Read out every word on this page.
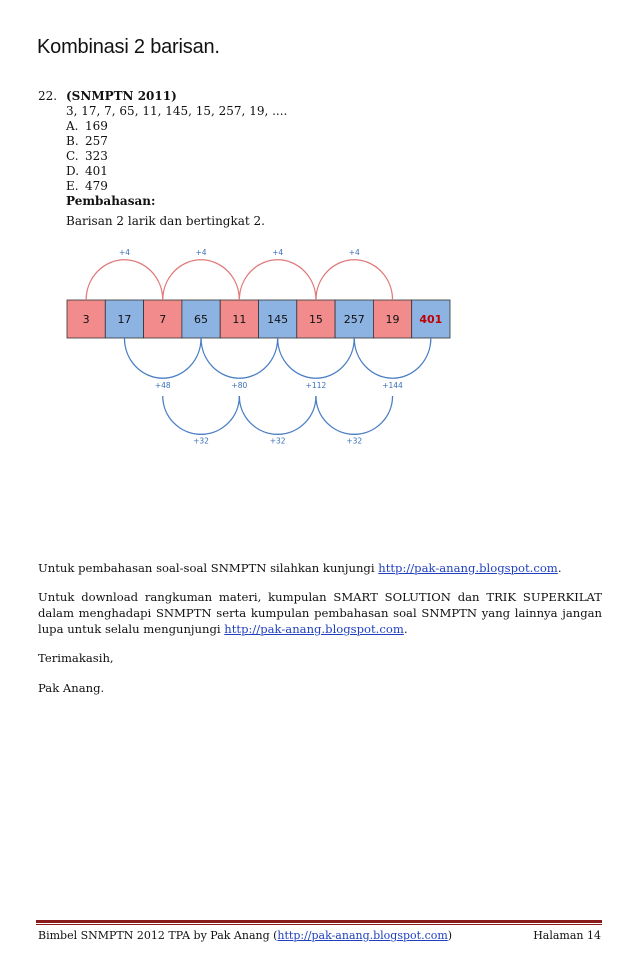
Kombinasi 2 barisan.
22. (SNMPTN 2011)
3, 17, 7, 65, 11, 145, 15, 257, 19, ....
A. 169
B. 257
C. 323
D. 401
E. 479
Pembahasan:
Barisan 2 larik dan bertingkat 2.
3	17	7	65 11 145 15 257 19 401
+4	+4	+4	+4
+48	+80	+112	+144
+32	+32	+32
Untuk pembahasan soal-soal SNMPTN silahkan kunjungi http://pak-anang.blogspot.com.
Untuk download rangkuman materi, kumpulan SMART SOLUTION dan TRIK SUPERKILAT dalam menghadapi SNMPTN serta kumpulan pembahasan soal SNMPTN yang lainnya jangan lupa untuk selalu mengunjungi http://pak-anang.blogspot.com.
Terimakasih,
Pak Anang.
Bimbel SNMPTN 2012 TPA by Pak Anang (http://pak-anang.blogspot.com)	Halaman 14
